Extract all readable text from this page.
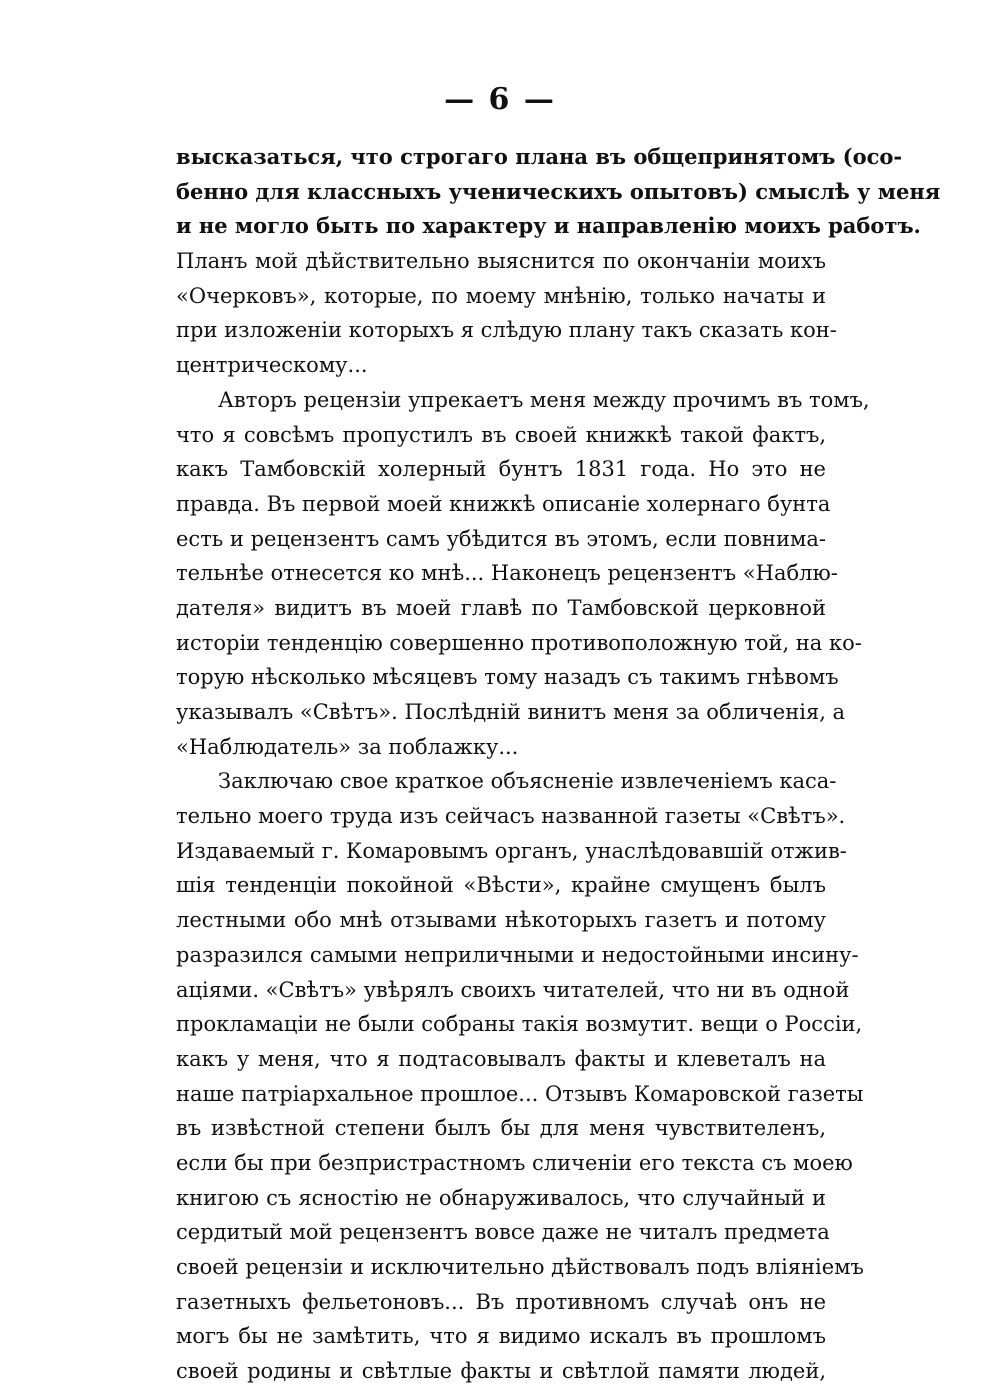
— 6 —
высказаться, что строгаго плана въ общепринятомъ (осо-
бенно для классныхъ ученическихъ опытовъ) смыслѣ у меня
и не могло быть по характеру и направленію моихъ работъ.
Планъ мой дѣйствительно выяснится по окончаніи моихъ
«Очерковъ», которые, по моему мнѣнію, только начаты и
при изложеніи которыхъ я слѣдую плану такъ сказать кон-
центрическому...
Авторъ рецензіи упрекаетъ меня между прочимъ въ томъ,
что я совсѣмъ пропустилъ въ своей книжкѣ такой фактъ,
какъ Тамбовскій холерный бунтъ 1831 года. Но это не
правда. Въ первой моей книжкѣ описаніе холернаго бунта
есть и рецензентъ самъ убѣдится въ этомъ, если повнима-
тельнѣе отнесется ко мнѣ... Наконецъ рецензентъ «Наблю-
дателя» видитъ въ моей главѣ по Тамбовской церковной
исторіи тенденцію совершенно противоположную той, на ко-
торую нѣсколько мѣсяцевъ тому назадъ съ такимъ гнѣвомъ
указывалъ «Свѣтъ». Послѣдній винитъ меня за обличенія, а
«Наблюдатель» за поблажку...
Заключаю свое краткое объясненіе извлеченіемъ каса-
тельно моего труда изъ сейчасъ названной газеты «Свѣтъ».
Издаваемый г. Комаровымъ органъ, унаслѣдовавшій отжив-
шія тенденціи покойной «Вѣсти», крайне смущенъ былъ
лестными обо мнѣ отзывами нѣкоторыхъ газетъ и потому
разразился самыми неприличными и недостойными инсину-
аціями. «Свѣтъ» увѣрялъ своихъ читателей, что ни въ одной
прокламаціи не были собраны такія возмутит. вещи о Россіи,
какъ у меня, что я подтасовывалъ факты и клеветалъ на
наше патріархальное прошлое... Отзывъ Комаровской газеты
въ извѣстной степени былъ бы для меня чувствителенъ,
если бы при безпристрастномъ сличеніи его текста съ моею
книгою съ ясностію не обнаруживалось, что случайный и
сердитый мой рецензентъ вовсе даже не читалъ предмета
своей рецензіи и исключительно дѣйствовалъ подъ вліяніемъ
газетныхъ фельетоновъ... Въ противномъ случаѣ онъ не
могъ бы не замѣтить, что я видимо искалъ въ прошломъ
своей родины и свѣтлые факты и свѣтлой памяти людей,
